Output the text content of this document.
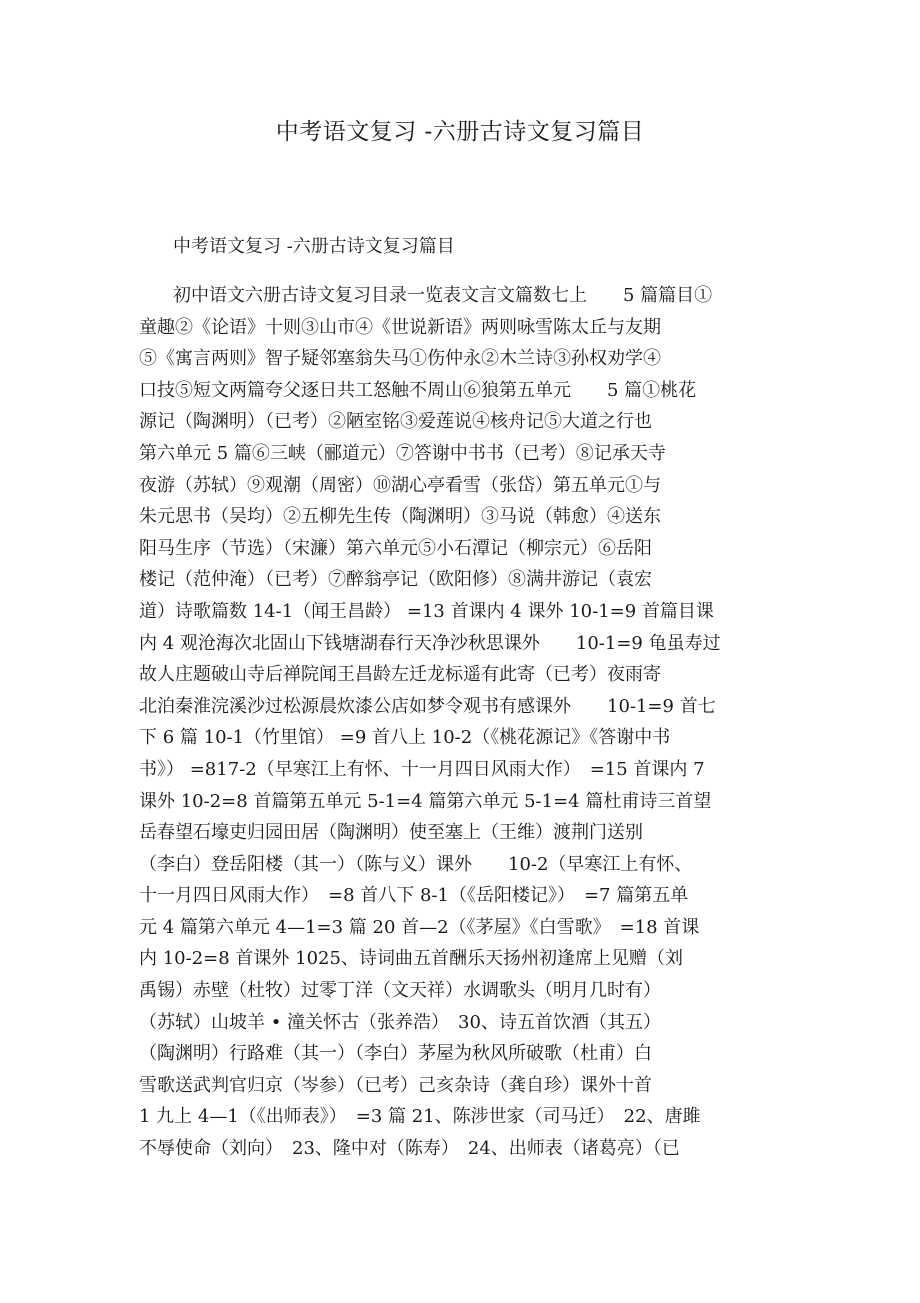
中考语文复习 -六册古诗文复习篇目
中考语文复习 -六册古诗文复习篇目
初中语文六册古诗文复习目录一览表文言文篇数七上　　5 篇篇目①
童趣②《论语》十则③山市④《世说新语》两则咏雪陈太丘与友期
⑤《寓言两则》智子疑邻塞翁失马①伤仲永②木兰诗③孙权劝学④
口技⑤短文两篇夸父逐日共工怒触不周山⑥狼第五单元　　5 篇①桃花
源记（陶渊明）（已考）②陋室铭③爱莲说④核舟记⑤大道之行也
第六单元 5 篇⑥三峡（郦道元）⑦答谢中书书（已考）⑧记承天寺
夜游（苏轼）⑨观潮（周密）⑩湖心亭看雪（张岱）第五单元①与
朱元思书（吴均）②五柳先生传（陶渊明）③马说（韩愈）④送东
阳马生序（节选）（宋濂）第六单元⑤小石潭记（柳宗元）⑥岳阳
楼记（范仲淹）（已考）⑦醉翁亭记（欧阳修）⑧满井游记（袁宏
道）诗歌篇数 14-1（闻王昌龄） =13 首课内 4 课外 10-1=9 首篇目课
内 4 观沧海次北固山下钱塘湖春行天净沙秋思课外　　10-1=9 龟虽寿过
故人庄题破山寺后禅院闻王昌龄左迁龙标遥有此寄（已考）夜雨寄
北泊秦淮浣溪沙过松源晨炊漆公店如梦令观书有感课外　　10-1=9 首七
下 6 篇 10-1（竹里馆） =9 首八上 10-2（《桃花源记》《答谢中书
书》） =817-2（早寒江上有怀、十一月四日风雨大作）　=15 首课内 7
课外 10-2=8 首篇第五单元 5-1=4 篇第六单元 5-1=4 篇杜甫诗三首望
岳春望石壕吏归园田居（陶渊明）使至塞上（王维）渡荆门送别
（李白）登岳阳楼（其一）（陈与义）课外　　10-2（早寒江上有怀、
十一月四日风雨大作）　=8 首八下 8-1（《岳阳楼记》）　=7 篇第五单
元 4 篇第六单元 4—1=3 篇 20 首—2（《茅屋》《白雪歌》　=18 首课
内 10-2=8 首课外 1025、诗词曲五首酬乐天扬州初逢席上见赠（刘
禹锡）赤壁（杜牧）过零丁洋（文天祥）水调歌头（明月几时有）
（苏轼）山坡羊 • 潼关怀古（张养浩）　30、诗五首饮酒（其五）
（陶渊明）行路难（其一）（李白）茅屋为秋风所破歌（杜甫）白
雪歌送武判官归京（岑参）（已考）己亥杂诗（龚自珍）课外十首
1 九上 4—1（《出师表》）　=3 篇 21、陈涉世家（司马迁）　22、唐雎
不辱使命（刘向）　23、隆中对（陈寿）　24、出师表（诸葛亮）（已
